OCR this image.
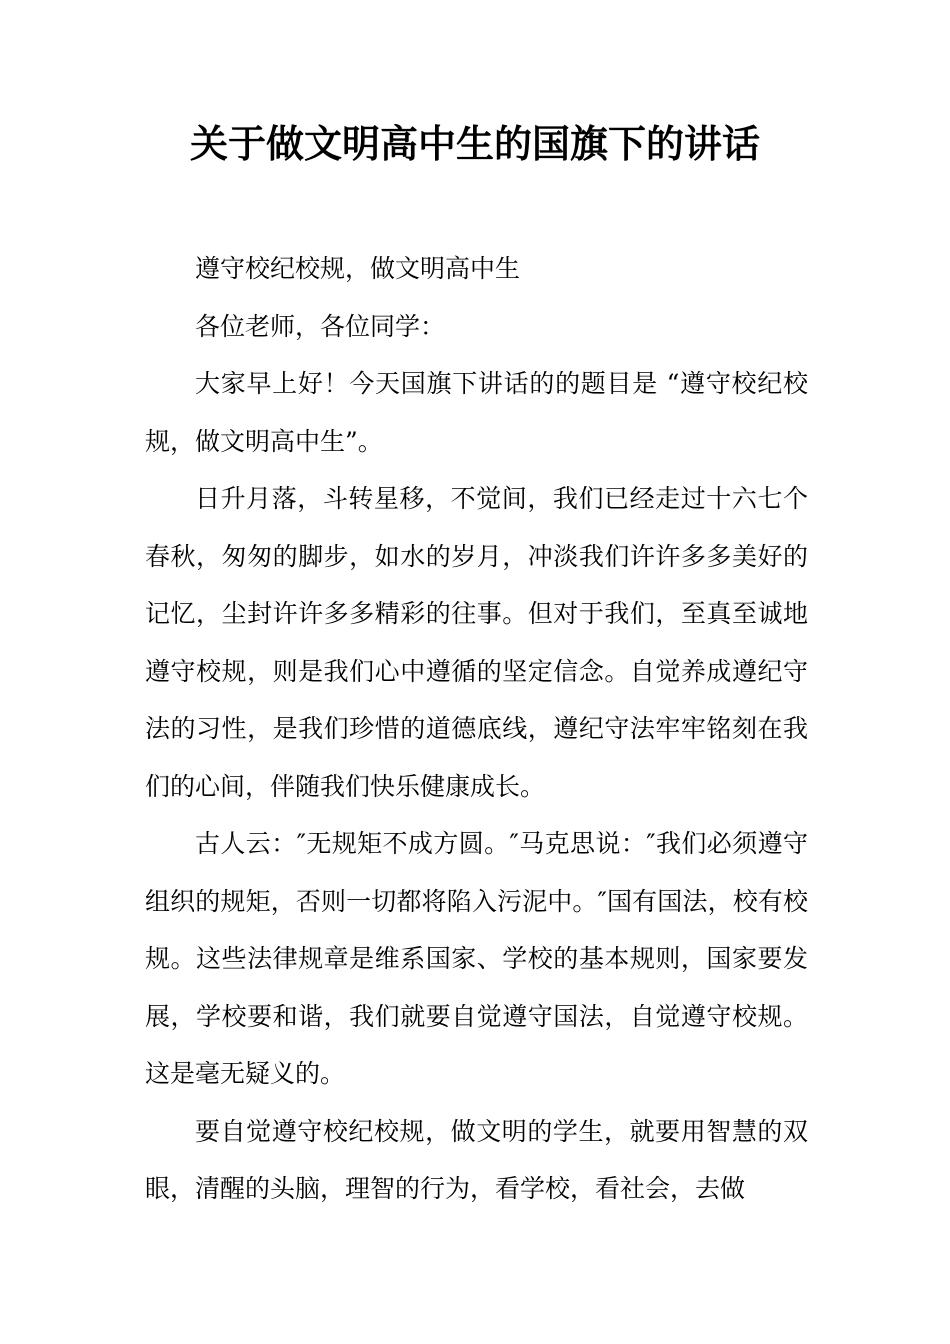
关于做文明高中生的国旗下的讲话

遵守校纪校规，做文明高中生

各位老师，各位同学：

大家早上好！今天国旗下讲话的的题目是 “遵守校纪校规，做文明高中生”。

日升月落，斗转星移，不觉间，我们已经走过十六七个春秋，匆匆的脚步，如水的岁月，冲淡我们许许多多美好的记忆，尘封许许多多精彩的往事。但对于我们，至真至诚地遵守校规，则是我们心中遵循的坚定信念。自觉养成遵纪守法的习性，是我们珍惜的道德底线，遵纪守法牢牢铭刻在我们的心间，伴随我们快乐健康成长。

古人云：″无规矩不成方圆。″马克思说：″我们必须遵守组织的规矩，否则一切都将陷入污泥中。″国有国法，校有校规。这些法律规章是维系国家、学校的基本规则，国家要发展，学校要和谐，我们就要自觉遵守国法，自觉遵守校规。这是毫无疑义的。

要自觉遵守校纪校规，做文明的学生，就要用智慧的双眼，清醒的头脑，理智的行为，看学校，看社会，去做
